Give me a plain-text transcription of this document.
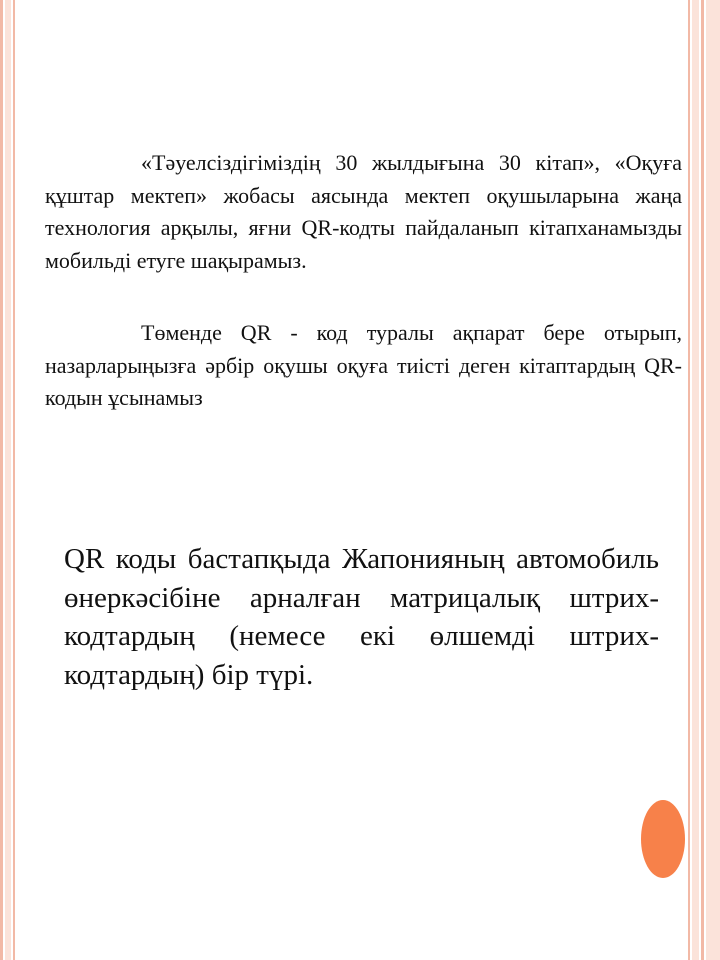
«Тәуелсіздігіміздің 30 жылдығына 30 кітап», «Оқуға құштар мектеп» жобасы аясында мектеп оқушыларына жаңа технология арқылы, яғни QR-кодты пайдаланып кітапханамызды мобильді етуге шақырамыз.

Төменде QR - код туралы ақпарат бере отырып, назарларыңызға әрбір оқушы оқуға тиісті деген кітаптардың QR- кодын ұсынамыз

QR коды бастапқыда Жапонияның автомобиль өнеркәсібіне арналған матрицалық штрих-кодтардың (немесе екі өлшемді штрих-кодтардың) бір түрі.
